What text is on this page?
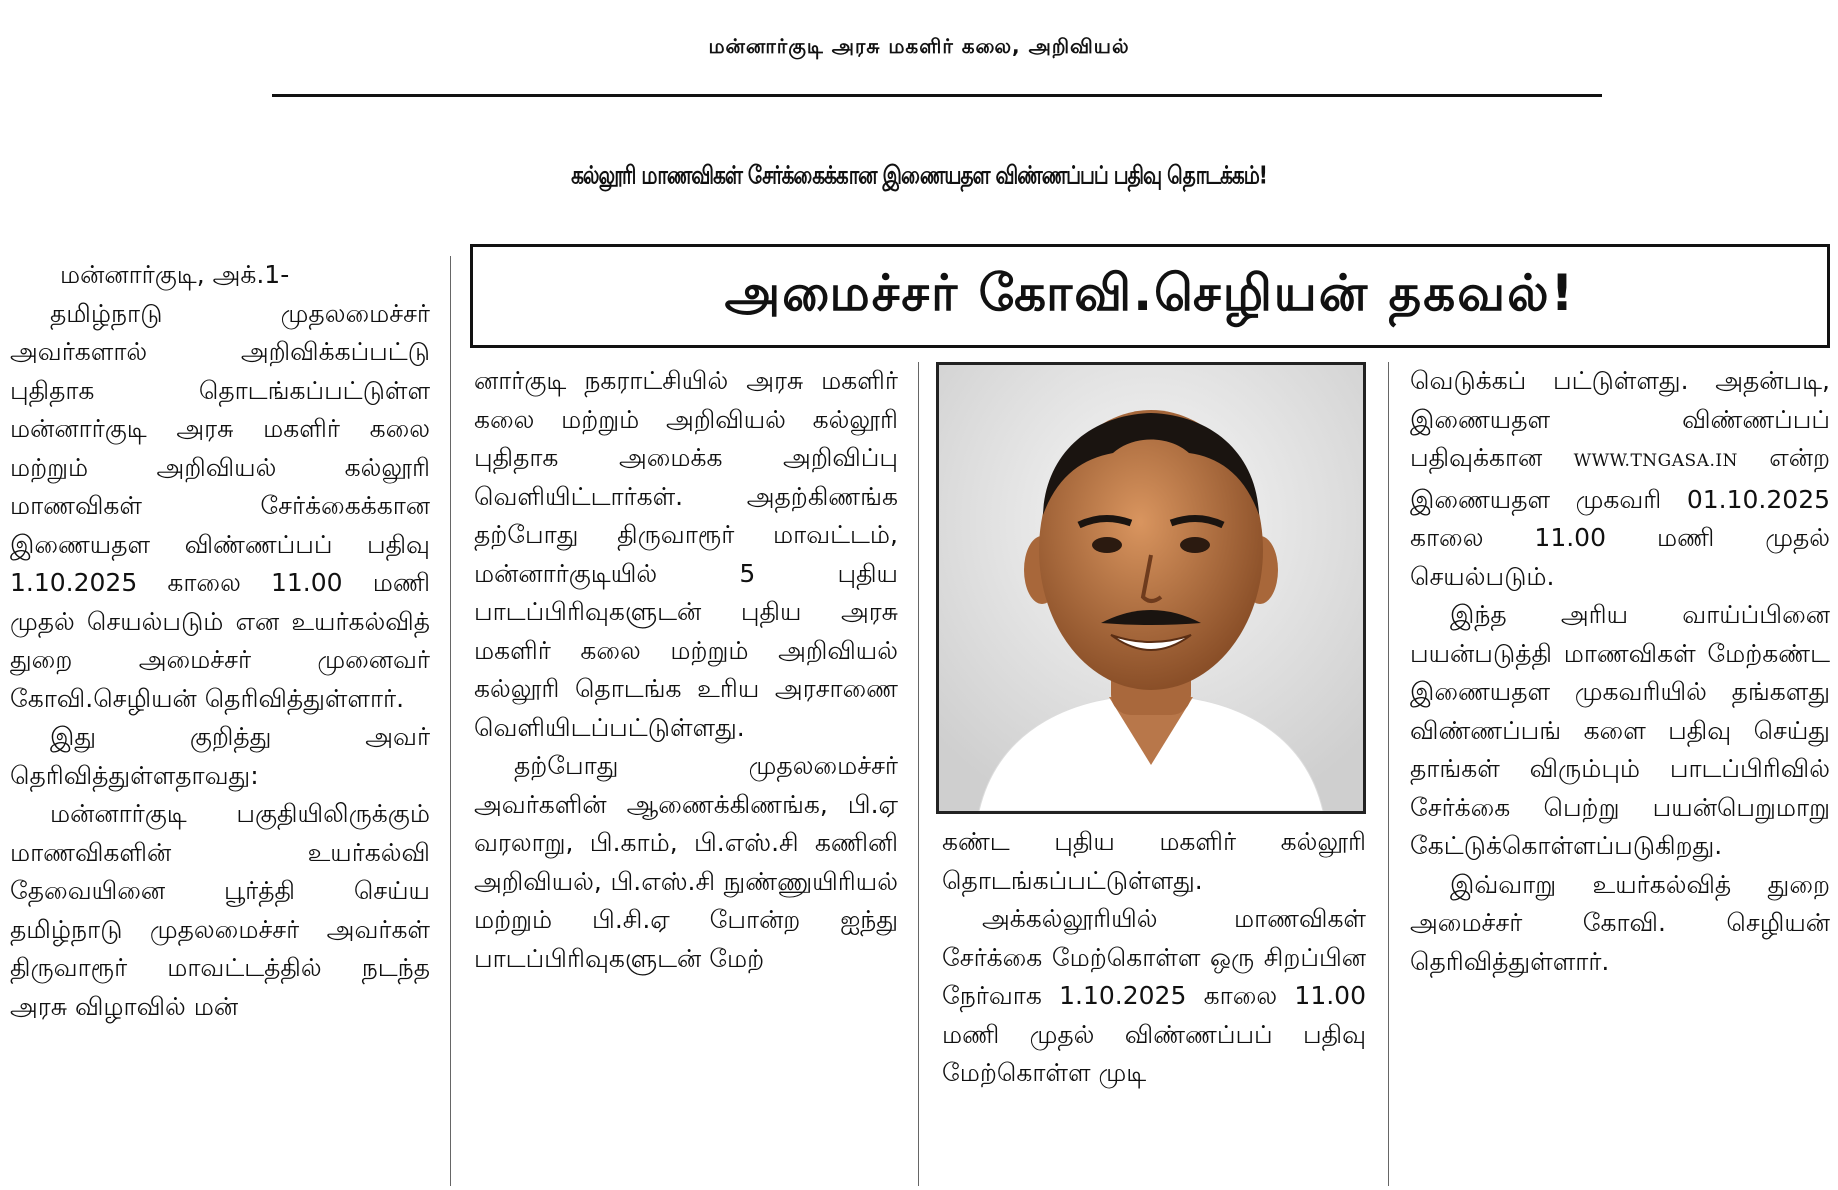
மன்னார்குடி அரசு மகளிர் கலை, அறிவியல்
கல்லூரி மாணவிகள் சேர்க்கைக்கான இணையதள விண்ணப்பப் பதிவு தொடக்கம்!
அமைச்சர் கோவி.செழியன் தகவல்!

மன்னார்குடி, அக்.1-

தமிழ்நாடு முதலமைச்சர் அவர்களால் அறிவிக்கப்பட்டு புதிதாக தொடங்கப்பட்டுள்ள மன்னார்குடி அரசு மகளிர் கலை மற்றும் அறிவியல் கல்லூரி மாணவிகள் சேர்க்கைக்கான இணையதள விண்ணப்பப் பதிவு 1.10.2025 காலை 11.00 மணி முதல் செயல்படும் என உயர்கல்வித் துறை அமைச்சர் முனைவர் கோவி.செழியன் தெரிவித்துள்ளார்.

இது குறித்து அவர் தெரிவித்துள்ளதாவது:

மன்னார்குடி பகுதியிலிருக்கும் மாணவிகளின் உயர்கல்வி தேவையினை பூர்த்தி செய்ய தமிழ்நாடு முதலமைச்சர் அவர்கள் திருவாரூர் மாவட்டத்தில் நடந்த அரசு விழாவில் மன்

னார்குடி நகராட்சியில் அரசு மகளிர் கலை மற்றும் அறிவியல் கல்லூரி புதிதாக அமைக்க அறிவிப்பு வெளியிட்டார்கள். அதற்கிணங்க தற்போது திருவாரூர் மாவட்டம், மன்னார்குடியில் 5 புதிய பாடப்பிரிவுகளுடன் புதிய அரசு மகளிர் கலை மற்றும் அறிவியல் கல்லூரி தொடங்க உரிய அரசாணை வெளியிடப்பட்டுள்ளது.

தற்போது முதலமைச்சர் அவர்களின் ஆணைக்கிணங்க, பி.ஏ வரலாறு, பி.காம், பி.எஸ்.சி கணினி அறிவியல், பி.எஸ்.சி நுண்ணுயிரியல் மற்றும் பி.சி.ஏ போன்ற ஐந்து பாடப்பிரிவுகளுடன் மேற்

கண்ட புதிய மகளிர் கல்லூரி தொடங்கப்பட்டுள்ளது.

அக்கல்லூரியில் மாணவிகள் சேர்க்கை மேற்கொள்ள ஒரு சிறப்பின நேர்வாக 1.10.2025 காலை 11.00 மணி முதல் விண்ணப்பப் பதிவு மேற்கொள்ள முடி

வெடுக்கப் பட்டுள்ளது. அதன்படி, இணையதள விண்ணப்பப் பதிவுக்கான WWW.TNGASA.IN என்ற இணையதள முகவரி 01.10.2025 காலை 11.00 மணி முதல் செயல்படும்.

இந்த அரிய வாய்ப்பினை பயன்படுத்தி மாணவிகள் மேற்கண்ட இணையதள முகவரியில் தங்களது விண்ணப்பங் களை பதிவு செய்து தாங்கள் விரும்பும் பாடப்பிரிவில் சேர்க்கை பெற்று பயன்பெறுமாறு கேட்டுக்கொள்ளப்படுகிறது.

இவ்வாறு உயர்கல்வித் துறை அமைச்சர் கோவி. செழியன் தெரிவித்துள்ளார்.
